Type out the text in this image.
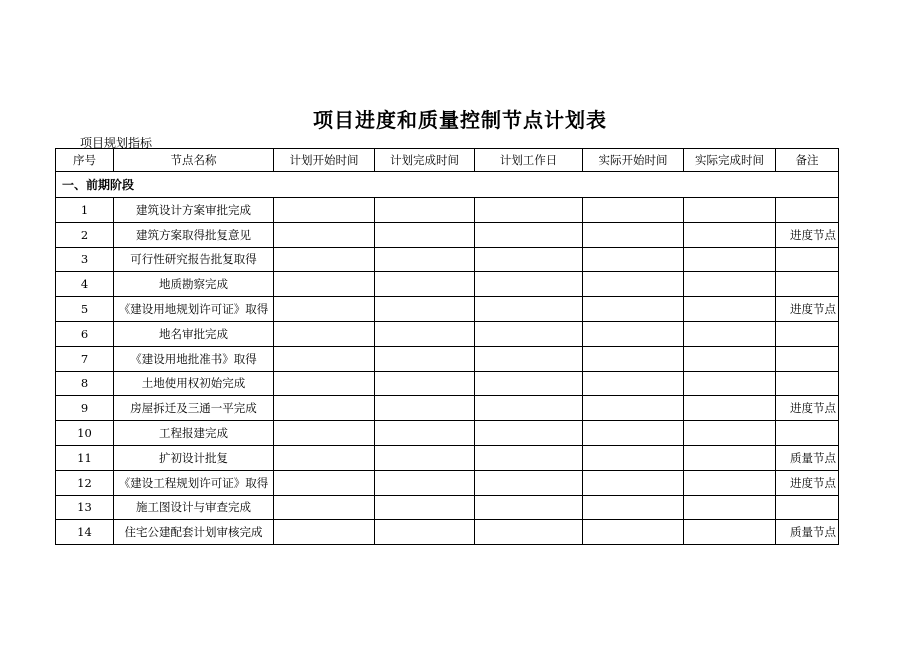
项目进度和质量控制节点计划表
项目规划指标
序号	节点名称	计划开始时间	计划完成时间	计划工作日	实际开始时间	实际完成时间	备注
一、前期阶段							
1	建筑设计方案审批完成						
2	建筑方案取得批复意见						进度节点
3	可行性研究报告批复取得						
4	地质勘察完成						
5	《建设用地规划许可证》取得						进度节点
6	地名审批完成						
7	《建设用地批准书》取得						
8	土地使用权初始完成						
9	房屋拆迁及三通一平完成						进度节点
10	工程报建完成						
11	扩初设计批复						质量节点
12	《建设工程规划许可证》取得						进度节点
13	施工图设计与审查完成						
14	住宅公建配套计划审核完成						质量节点
